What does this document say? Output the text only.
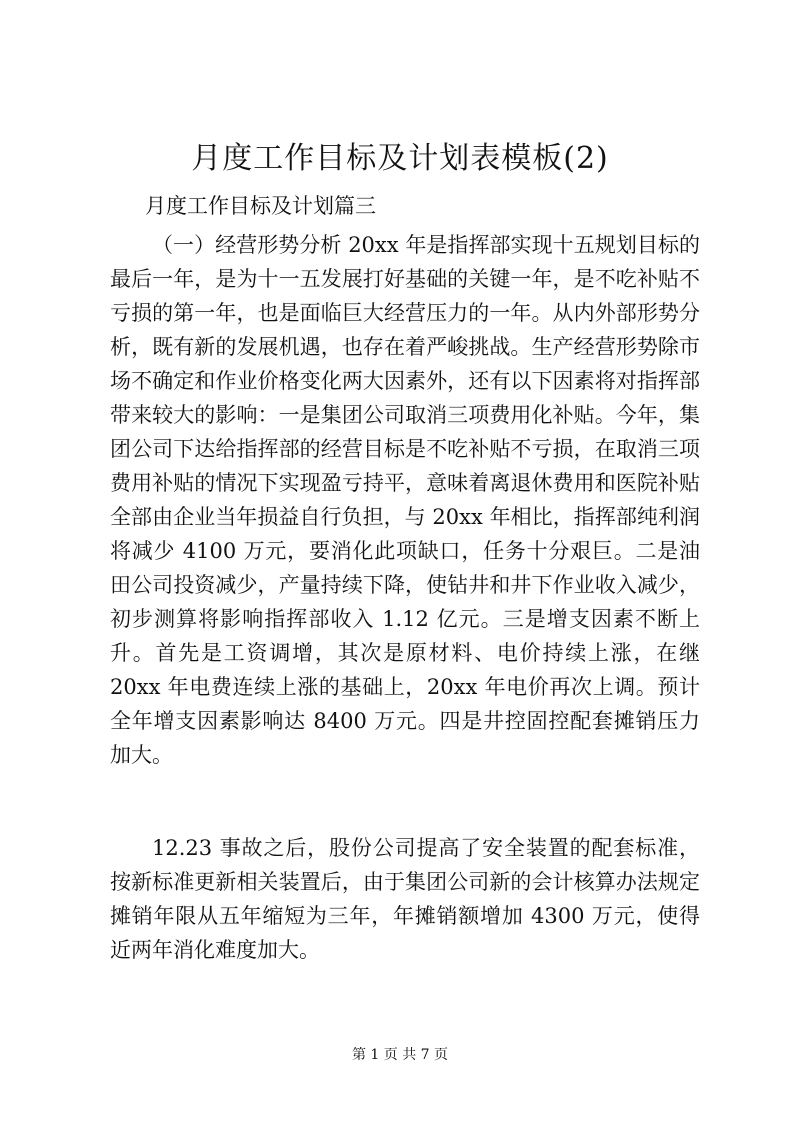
月度工作目标及计划表模板(2)

月度工作目标及计划篇三

（一）经营形势分析 20xx 年是指挥部实现十五规划目标的最后一年，是为十一五发展打好基础的关键一年，是不吃补贴不亏损的第一年，也是面临巨大经营压力的一年。从内外部形势分析，既有新的发展机遇，也存在着严峻挑战。生产经营形势除市场不确定和作业价格变化两大因素外，还有以下因素将对指挥部带来较大的影响：一是集团公司取消三项费用化补贴。今年，集团公司下达给指挥部的经营目标是不吃补贴不亏损，在取消三项费用补贴的情况下实现盈亏持平，意味着离退休费用和医院补贴全部由企业当年损益自行负担，与 20xx 年相比，指挥部纯利润将减少 4100 万元，要消化此项缺口，任务十分艰巨。二是油田公司投资减少，产量持续下降，使钻井和井下作业收入减少，初步测算将影响指挥部收入 1.12 亿元。三是增支因素不断上升。首先是工资调增，其次是原材料、电价持续上涨，在继 20xx 年电费连续上涨的基础上，20xx 年电价再次上调。预计全年增支因素影响达 8400 万元。四是井控固控配套摊销压力加大。

12.23 事故之后，股份公司提高了安全装置的配套标准，按新标准更新相关装置后，由于集团公司新的会计核算办法规定摊销年限从五年缩短为三年，年摊销额增加 4300 万元，使得近两年消化难度加大。

第 1 页 共 7 页
